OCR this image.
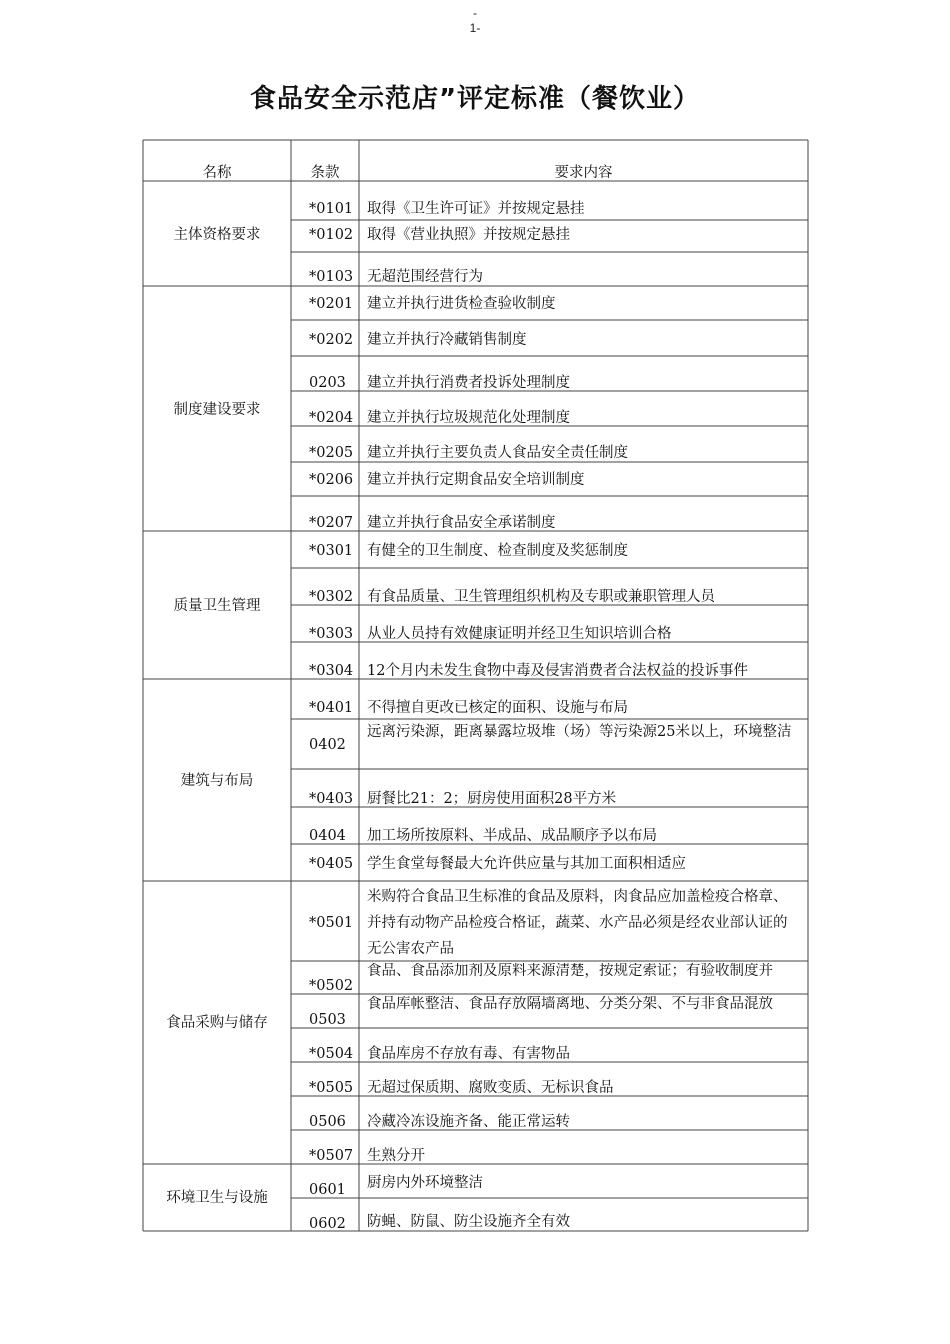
-
1-
食品安全示范店”评定标准（餐饮业）
名称	条款	要求内容
主体资格要求
制度建设要求
质量卫生管理
建筑与布局
食品采购与储存
环境卫生与设施
*0101 取得《卫生许可证》并按规定悬挂
*0102 取得《营业执照》并按规定悬挂
*0103 无超范围经营行为
*0201 建立并执行进货检查验收制度
*0202 建立并执行冷藏销售制度
0203 建立并执行消费者投诉处理制度
*0204 建立并执行垃圾规范化处理制度
*0205 建立并执行主要负责人食品安全责任制度
*0206 建立并执行定期食品安全培训制度
*0207 建立并执行食品安全承诺制度
*0301 有健全的卫生制度、检查制度及奖惩制度
*0302 有食品质量、卫生管理组织机构及专职或兼职管理人员
*0303 从业人员持有效健康证明并经卫生知识培训合格
*0304 12个月内未发生食物中毒及侵害消费者合法权益的投诉事件
*0401 不得擅自更改已核定的面积、设施与布局
0402
远离污染源，距离暴露垃圾堆（场）等污染源25米以上，环境整洁
*0403 厨餐比21：2；厨房使用面积28平方米
0404 加工场所按原料、半成品、成品顺序予以布局
*0405 学生食堂每餐最大允许供应量与其加工面积相适应
*0501
米购符合食品卫生标准的食品及原料，肉食品应加盖检疫合格章、并持有动物产品检疫合格证，蔬菜、水产品必须是经农业部认证的无公害农产品
*0502
食品、食品添加剂及原料来源清楚，按规定索证；有验收制度并
0503
食品库帐整洁、食品存放隔墙离地、分类分架、不与非食品混放
*0504 食品库房不存放有毒、有害物品
*0505 无超过保质期、腐败变质、无标识食品
0506 冷藏冷冻设施齐备、能正常运转
*0507 生熟分开
0601 厨房内外环境整洁
0602 防蝇、防鼠、防尘设施齐全有效
